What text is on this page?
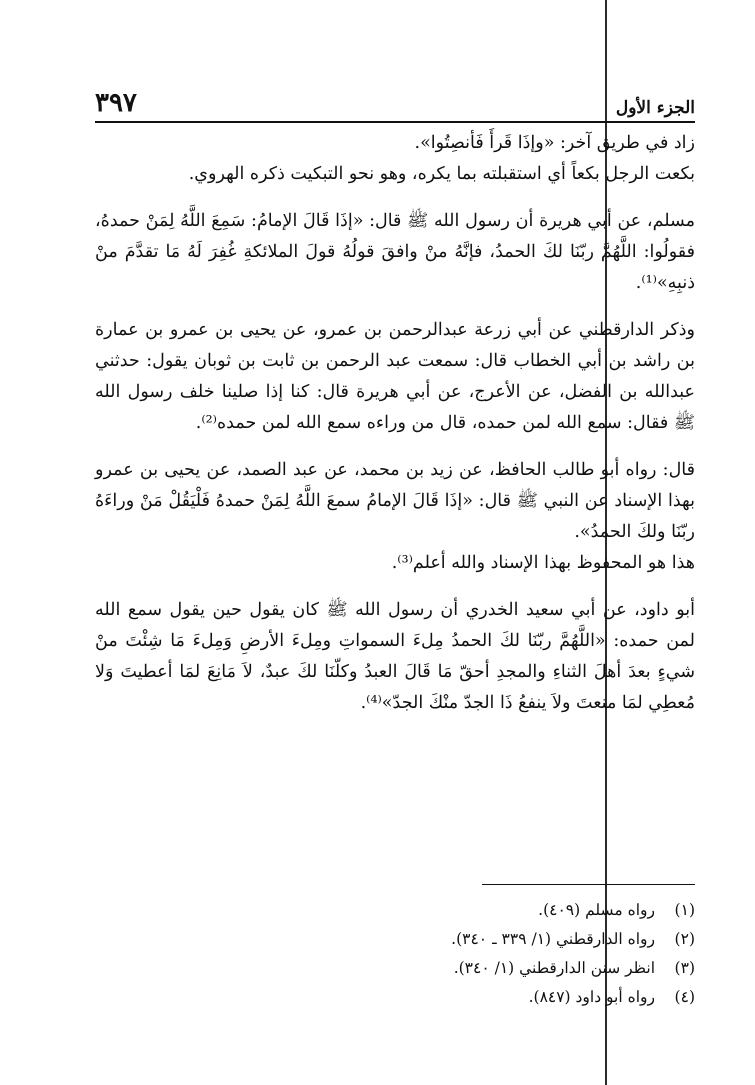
الجزء الأول
٣٩٧

زاد في طريق آخر: «وإذَا قَرأَ فَأنصِتُوا».

بكعت الرجل بكعاً أي استقبلته بما يكره، وهو نحو التبكيت ذكره الهروي.

مسلم، عن أبي هريرة أن رسول الله ﷺ قال: «إذَا قَالَ الإمامُ: سَمِعَ اللَّهُ لِمَنْ حمدهُ، فقولُوا: اللَّهُمَّ ربّنَا لكَ الحمدُ، فإنَّهُ منْ وافقَ قولُهُ قولَ الملائكةِ غُفِرَ لَهُ مَا تقدَّمَ منْ ذنبِهِ»⁽¹⁾.

وذكر الدارقطني عن أبي زرعة عبدالرحمن بن عمرو، عن يحيى بن عمرو بن عمارة بن راشد بن أبي الخطاب قال: سمعت عبد الرحمن بن ثابت بن ثوبان يقول: حدثني عبدالله بن الفضل، عن الأعرج، عن أبي هريرة قال: كنا إذا صلينا خلف رسول الله ﷺ فقال: سمع الله لمن حمده، قال من وراءه سمع الله لمن حمده⁽²⁾.

قال: رواه أبو طالب الحافظ، عن زيد بن محمد، عن عبد الصمد، عن يحيى بن عمرو بهذا الإسناد عن النبي ﷺ قال: «إذَا قَالَ الإمامُ سمعَ اللَّهُ لِمَنْ حمدهُ فَلْيَقُلْ مَنْ وراءَهُ ربّنَا ولكَ الحمدُ».

هذا هو المحفوظ بهذا الإسناد والله أعلم⁽³⁾.

أبو داود، عن أبي سعيد الخدري أن رسول الله ﷺ كان يقول حين يقول سمع الله لمن حمده: «اللَّهُمَّ ربّنَا لكَ الحمدُ مِلءَ السمواتِ ومِلءَ الأرضِ وَمِلءَ مَا شِئْتَ منْ شيءٍ بعدَ أهلَ الثناءِ والمجدِ أحقّ مَا قَالَ العبدُ وكلّنَا لكَ عبدٌ، لاَ مَانِعَ لمَا أعطيتَ وَلا مُعطِي لمَا منعتَ ولاَ ينفعُ ذَا الجدّ منْكَ الجدّ»⁽⁴⁾.

(١)
رواه مسلم (٤٠٩).
(٢)
رواه الدارقطني (١/ ٣٣٩ ـ ٣٤٠).
(٣)
انظر سنن الدارقطني (١/ ٣٤٠).
(٤)
رواه أبو داود (٨٤٧).
